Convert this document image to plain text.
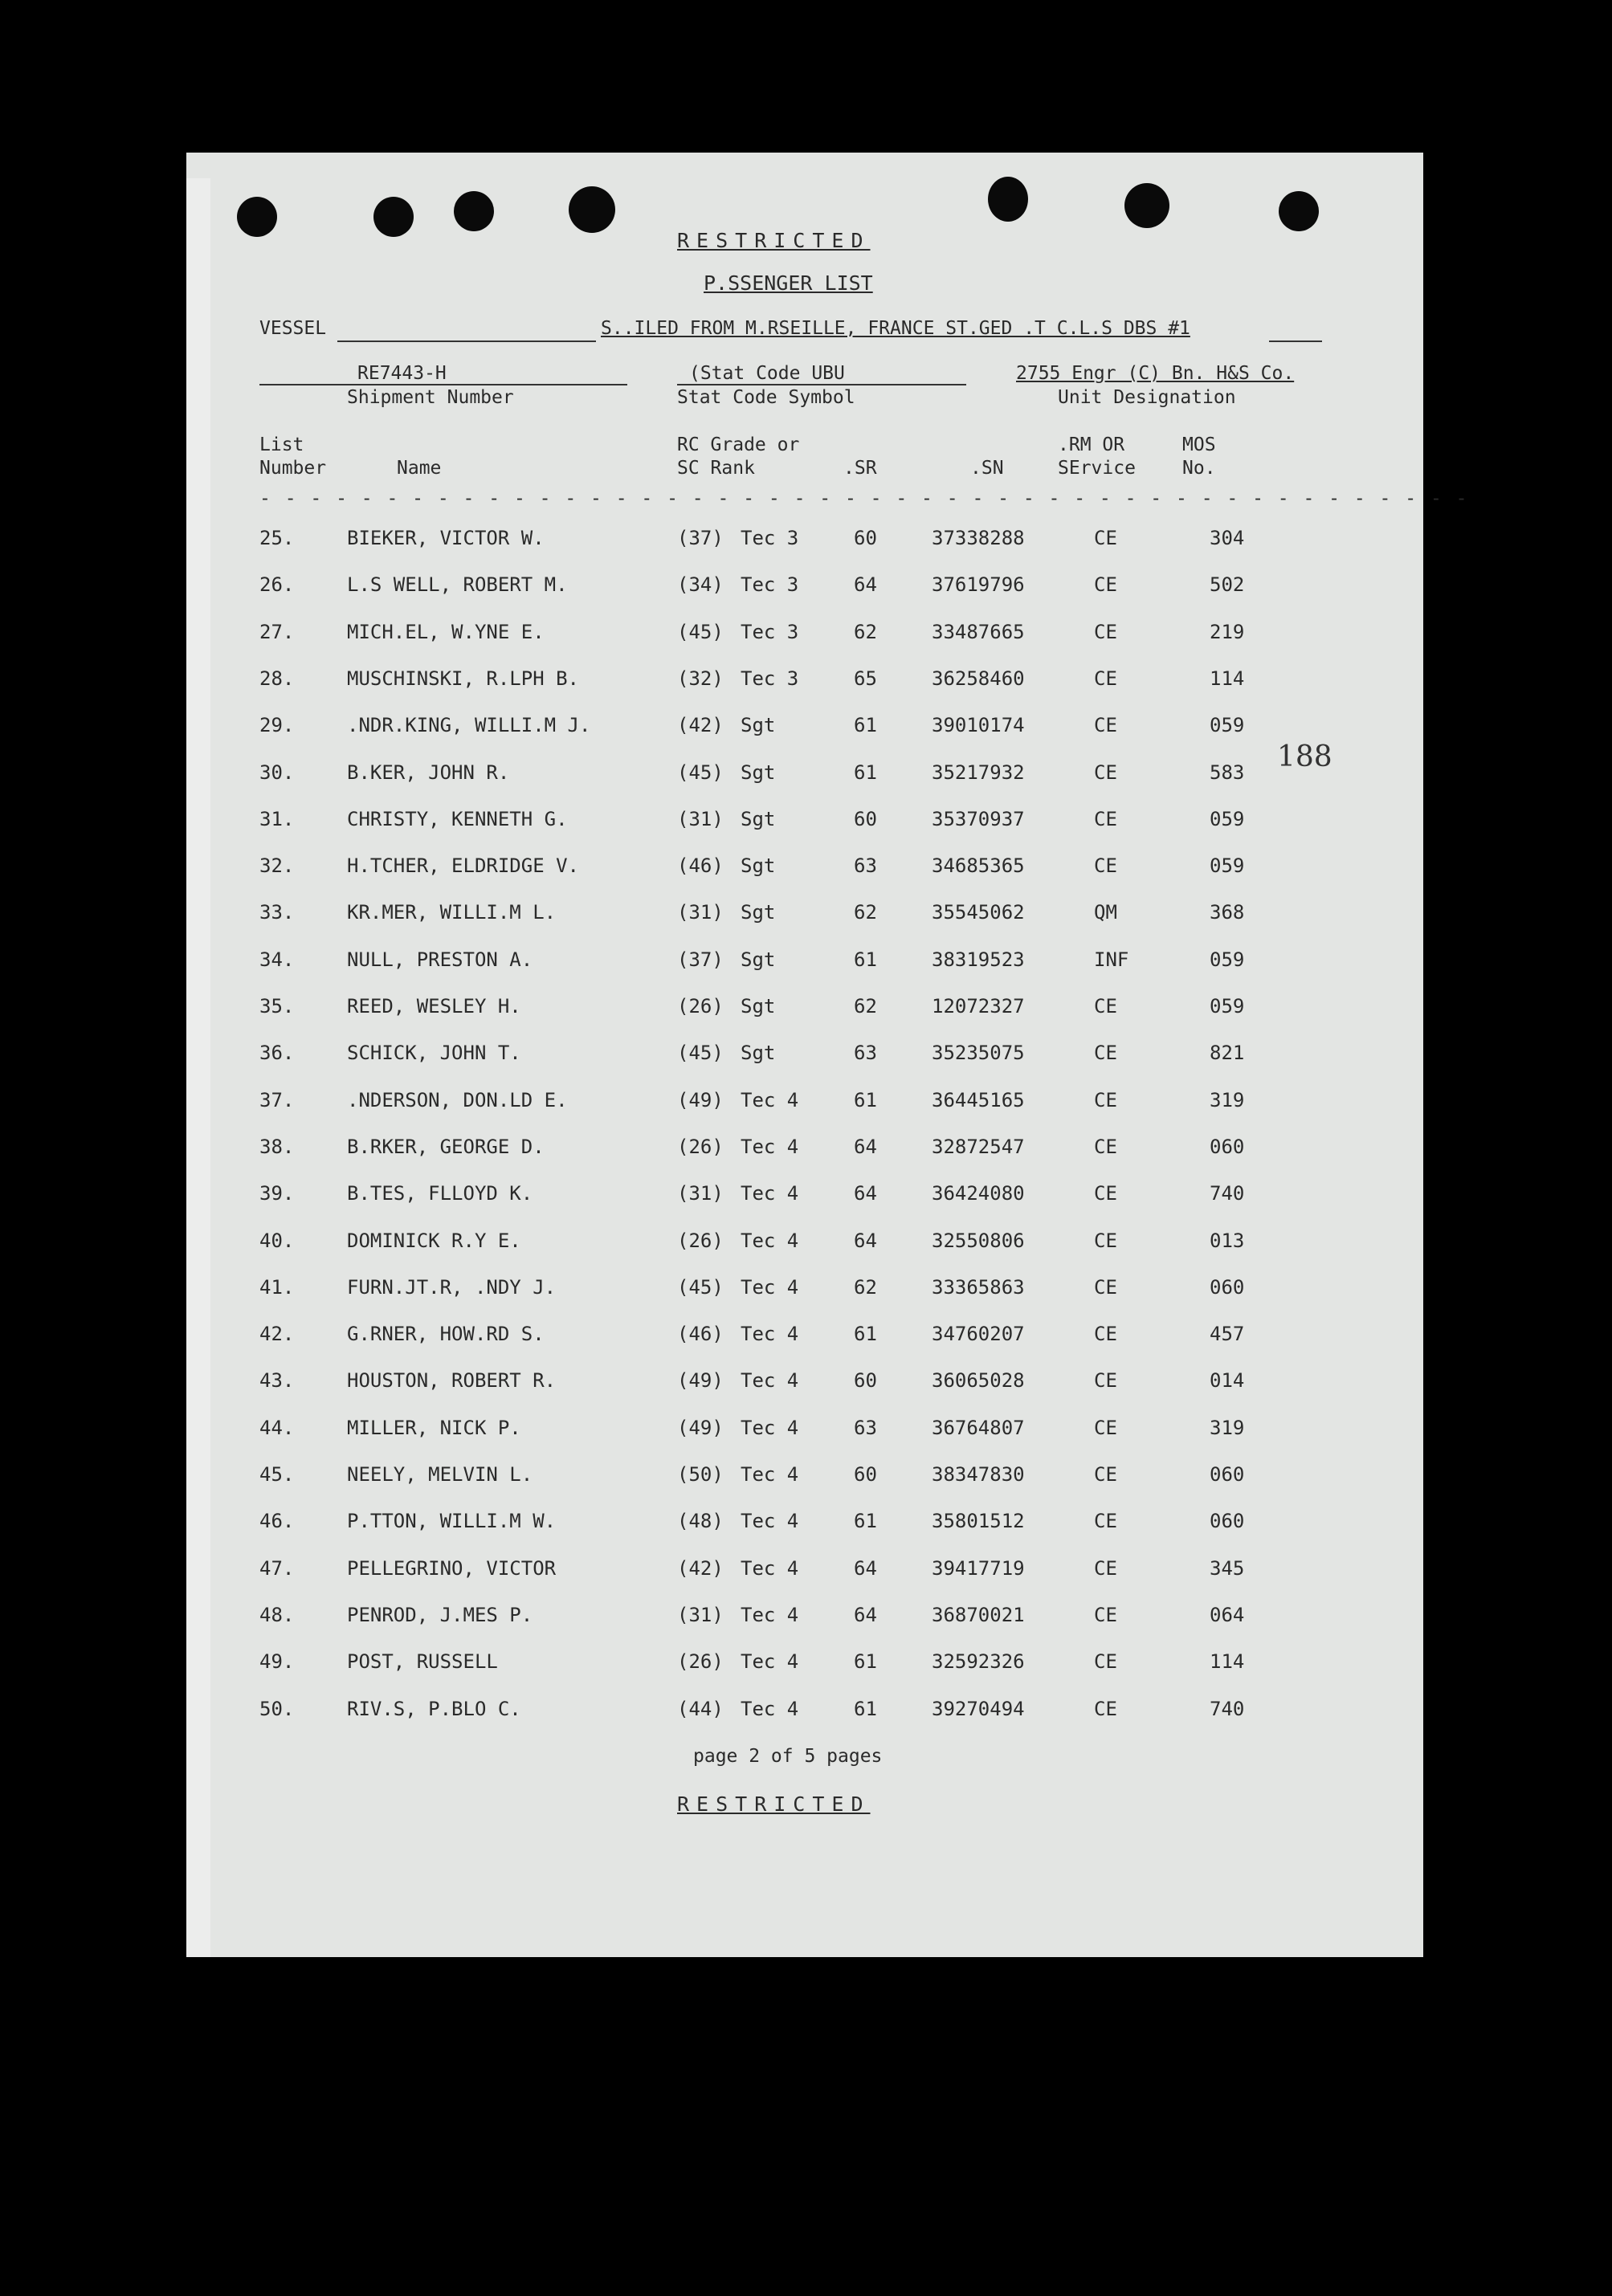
RESTRICTED
P.SSENGER LIST
VESSEL	S..ILED FROM M.RSEILLE, FRANCE ST.GED .T C.L.S DBS #1
RE7443-H
Shipment Number
(Stat Code UBU
Stat Code Symbol
2755 Engr (C) Bn. H&S Co.
Unit Designation
List
Number	Name
RC Grade or
SC Rank	.SR	.SN
.RM OR
SErvice
MOS
No.
- - - - - - - - - - - - - - - - - - - - - - - - - - - - - - - - - - - - - - - - - - - - - - - -
25.	BIEKER, VICTOR W.	(37) Tec 3	60	37338288	CE	304
26.	L.S WELL, ROBERT M.	(34) Tec 3	64	37619796	CE	502
27.	MICH.EL, W.YNE E.	(45) Tec 3	62	33487665	CE	219
28.	MUSCHINSKI, R.LPH B.	(32) Tec 3	65	36258460	CE	114
29.	.NDR.KING, WILLI.M J.	(42) Sgt	61	39010174	CE	059
30.	B.KER, JOHN R.	(45) Sgt	61	35217932	CE	583
31.	CHRISTY, KENNETH G.	(31) Sgt	60	35370937	CE	059
32.	H.TCHER, ELDRIDGE V.	(46) Sgt	63	34685365	CE	059
33.	KR.MER, WILLI.M L.	(31) Sgt	62	35545062	QM	368
34.	NULL, PRESTON A.	(37) Sgt	61	38319523	INF	059
35.	REED, WESLEY H.	(26) Sgt	62	12072327	CE	059
36.	SCHICK, JOHN T.	(45) Sgt	63	35235075	CE	821
37.	.NDERSON, DON.LD E.	(49) Tec 4	61	36445165	CE	319
38.	B.RKER, GEORGE D.	(26) Tec 4	64	32872547	CE	060
39.	B.TES, FLLOYD K.	(31) Tec 4	64	36424080	CE	740
40.	DOMINICK R.Y E.	(26) Tec 4	64	32550806	CE	013
41.	FURN.JT.R, .NDY J.	(45) Tec 4	62	33365863	CE	060
42.	G.RNER, HOW.RD S.	(46) Tec 4	61	34760207	CE	457
43.	HOUSTON, ROBERT R.	(49) Tec 4	60	36065028	CE	014
44.	MILLER, NICK P.	(49) Tec 4	63	36764807	CE	319
45.	NEELY, MELVIN L.	(50) Tec 4	60	38347830	CE	060
46.	P.TTON, WILLI.M W.	(48) Tec 4	61	35801512	CE	060
47.	PELLEGRINO, VICTOR	(42) Tec 4	64	39417719	CE	345
48.	PENROD, J.MES P.	(31) Tec 4	64	36870021	CE	064
49.	POST, RUSSELL	(26) Tec 4	61	32592326	CE	114
50.	RIV.S, P.BLO C.	(44) Tec 4	61	39270494	CE	740
188
page 2 of 5 pages
RESTRICTED
